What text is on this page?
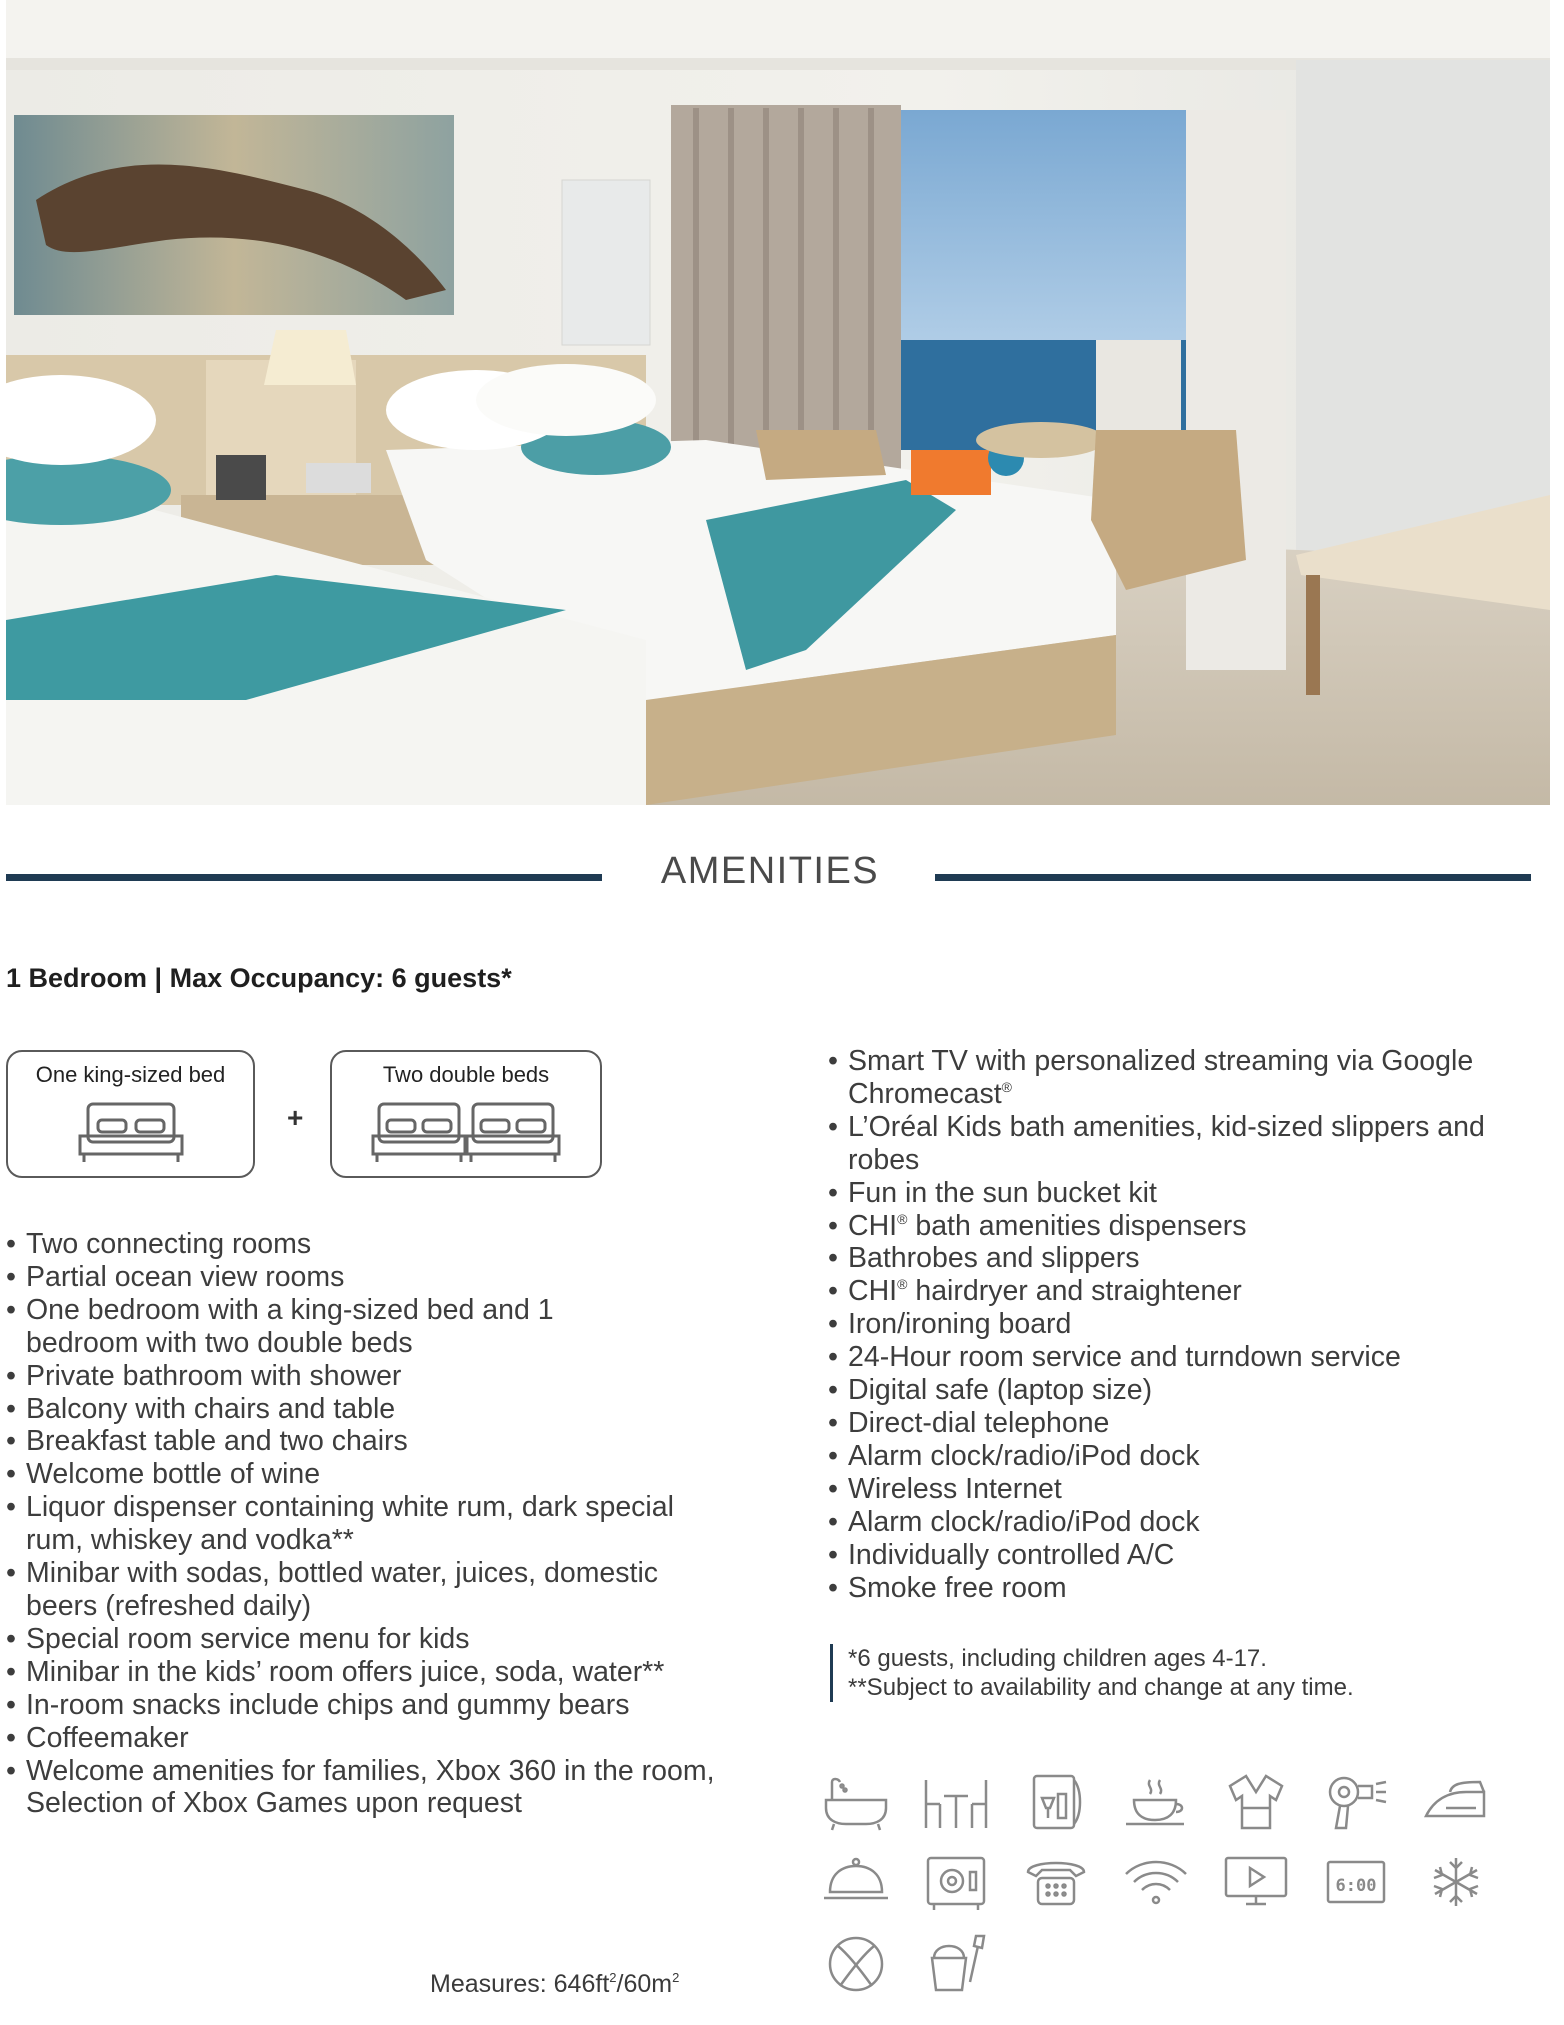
AMENITIES
1 Bedroom | Max Occupancy: 6 guests*
One king-sized bed
+
Two double beds
• Two connecting rooms
• Partial ocean view rooms
• One bedroom with a king-sized bed and 1 bedroom with two double beds
• Private bathroom with shower
• Balcony with chairs and table
• Breakfast table and two chairs
• Welcome bottle of wine
• Liquor dispenser containing white rum, dark special rum, whiskey and vodka**
• Minibar with sodas, bottled water, juices, domestic beers (refreshed daily)
• Special room service menu for kids
• Minibar in the kids’ room offers juice, soda, water**
• In-room snacks include chips and gummy bears
• Coffeemaker
• Welcome amenities for families, Xbox 360 in the room, Selection of Xbox Games upon request
• Smart TV with personalized streaming via Google Chromecast®
• L’Oréal Kids bath amenities, kid-sized slippers and robes
• Fun in the sun bucket kit
• CHI® bath amenities dispensers
• Bathrobes and slippers
• CHI® hairdryer and straightener
• Iron/ironing board
• 24-Hour room service and turndown service
• Digital safe (laptop size)
• Direct-dial telephone
• Alarm clock/radio/iPod dock
• Wireless Internet
• Alarm clock/radio/iPod dock
• Individually controlled A/C
• Smoke free room
*6 guests, including children ages 4-17.
**Subject to availability and change at any time.
6:00
Measures: $646ft^2/60m^2$
